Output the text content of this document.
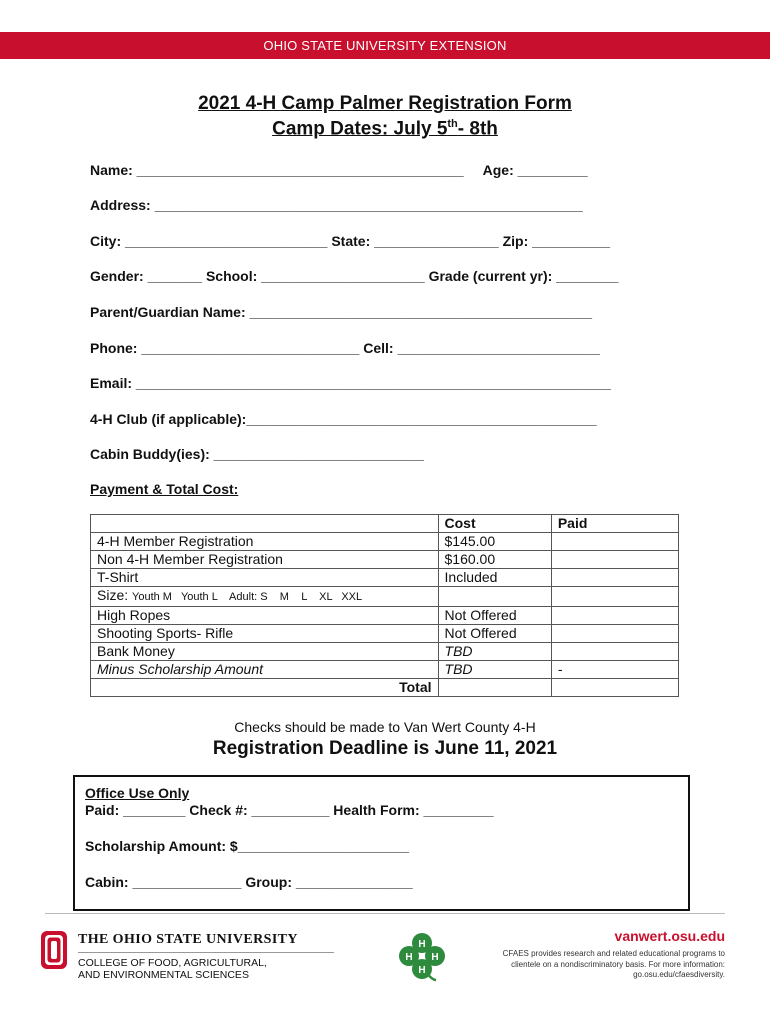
OHIO STATE UNIVERSITY EXTENSION
2021 4-H Camp Palmer Registration Form
Camp Dates: July 5th- 8th
Name: __________________________________________     Age: _________
Address: _______________________________________________________
City: __________________________ State: ________________ Zip: __________
Gender: _______ School: _____________________ Grade (current yr): ________
Parent/Guardian Name: ____________________________________________
Phone: ____________________________ Cell: __________________________
Email: _____________________________________________________________
4-H Club (if applicable):_____________________________________________
Cabin Buddy(ies): ___________________________
Payment & Total Cost:
	Cost	Paid
4-H Member Registration	$145.00	
Non 4-H Member Registration	$160.00	
T-Shirt	Included	
Size: Youth M   Youth L    Adult: S    M    L    XL   XXL		
High Ropes	Not Offered	
Shooting Sports- Rifle	Not Offered	
Bank Money	TBD	
Minus Scholarship Amount	TBD	-
Total		
Checks should be made to Van Wert County 4-H
Registration Deadline is June 11, 2021
Office Use Only
Paid: ________ Check #: __________ Health Form: _________
Scholarship Amount: $______________________
Cabin: ______________ Group: _______________
THE OHIO STATE UNIVERSITY
COLLEGE OF FOOD, AGRICULTURAL,
AND ENVIRONMENTAL SCIENCES
H
H
H H
vanwert.osu.edu
CFAES provides research and related educational programs to clientele on a nondiscriminatory basis. For more information: go.osu.edu/cfaesdiversity.
